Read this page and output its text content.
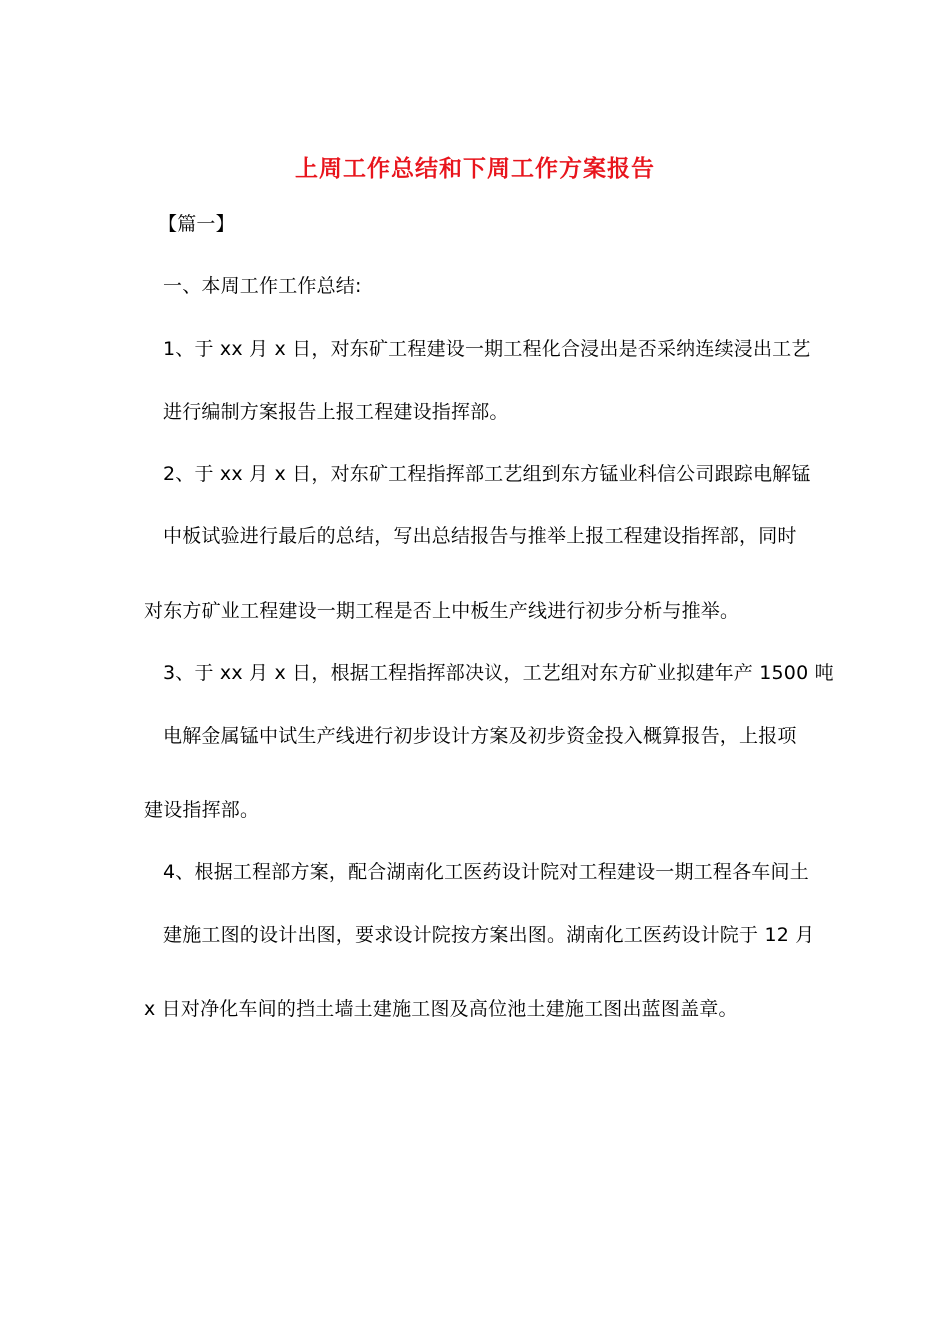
上周工作总结和下周工作方案报告
【篇一】
一、本周工作工作总结:
1、于 xx 月 x 日，对东矿工程建设一期工程化合浸出是否采纳连续浸出工艺
进行编制方案报告上报工程建设指挥部。
2、于 xx 月 x 日，对东矿工程指挥部工艺组到东方锰业科信公司跟踪电解锰
中板试验进行最后的总结，写出总结报告与推举上报工程建设指挥部，同时
对东方矿业工程建设一期工程是否上中板生产线进行初步分析与推举。
3、于 xx 月 x 日，根据工程指挥部决议，工艺组对东方矿业拟建年产 1500 吨
电解金属锰中试生产线进行初步设计方案及初步资金投入概算报告，上报项
建设指挥部。
4、根据工程部方案，配合湖南化工医药设计院对工程建设一期工程各车间土
建施工图的设计出图，要求设计院按方案出图。湖南化工医药设计院于 12 月
x 日对净化车间的挡土墙土建施工图及高位池土建施工图出蓝图盖章。
